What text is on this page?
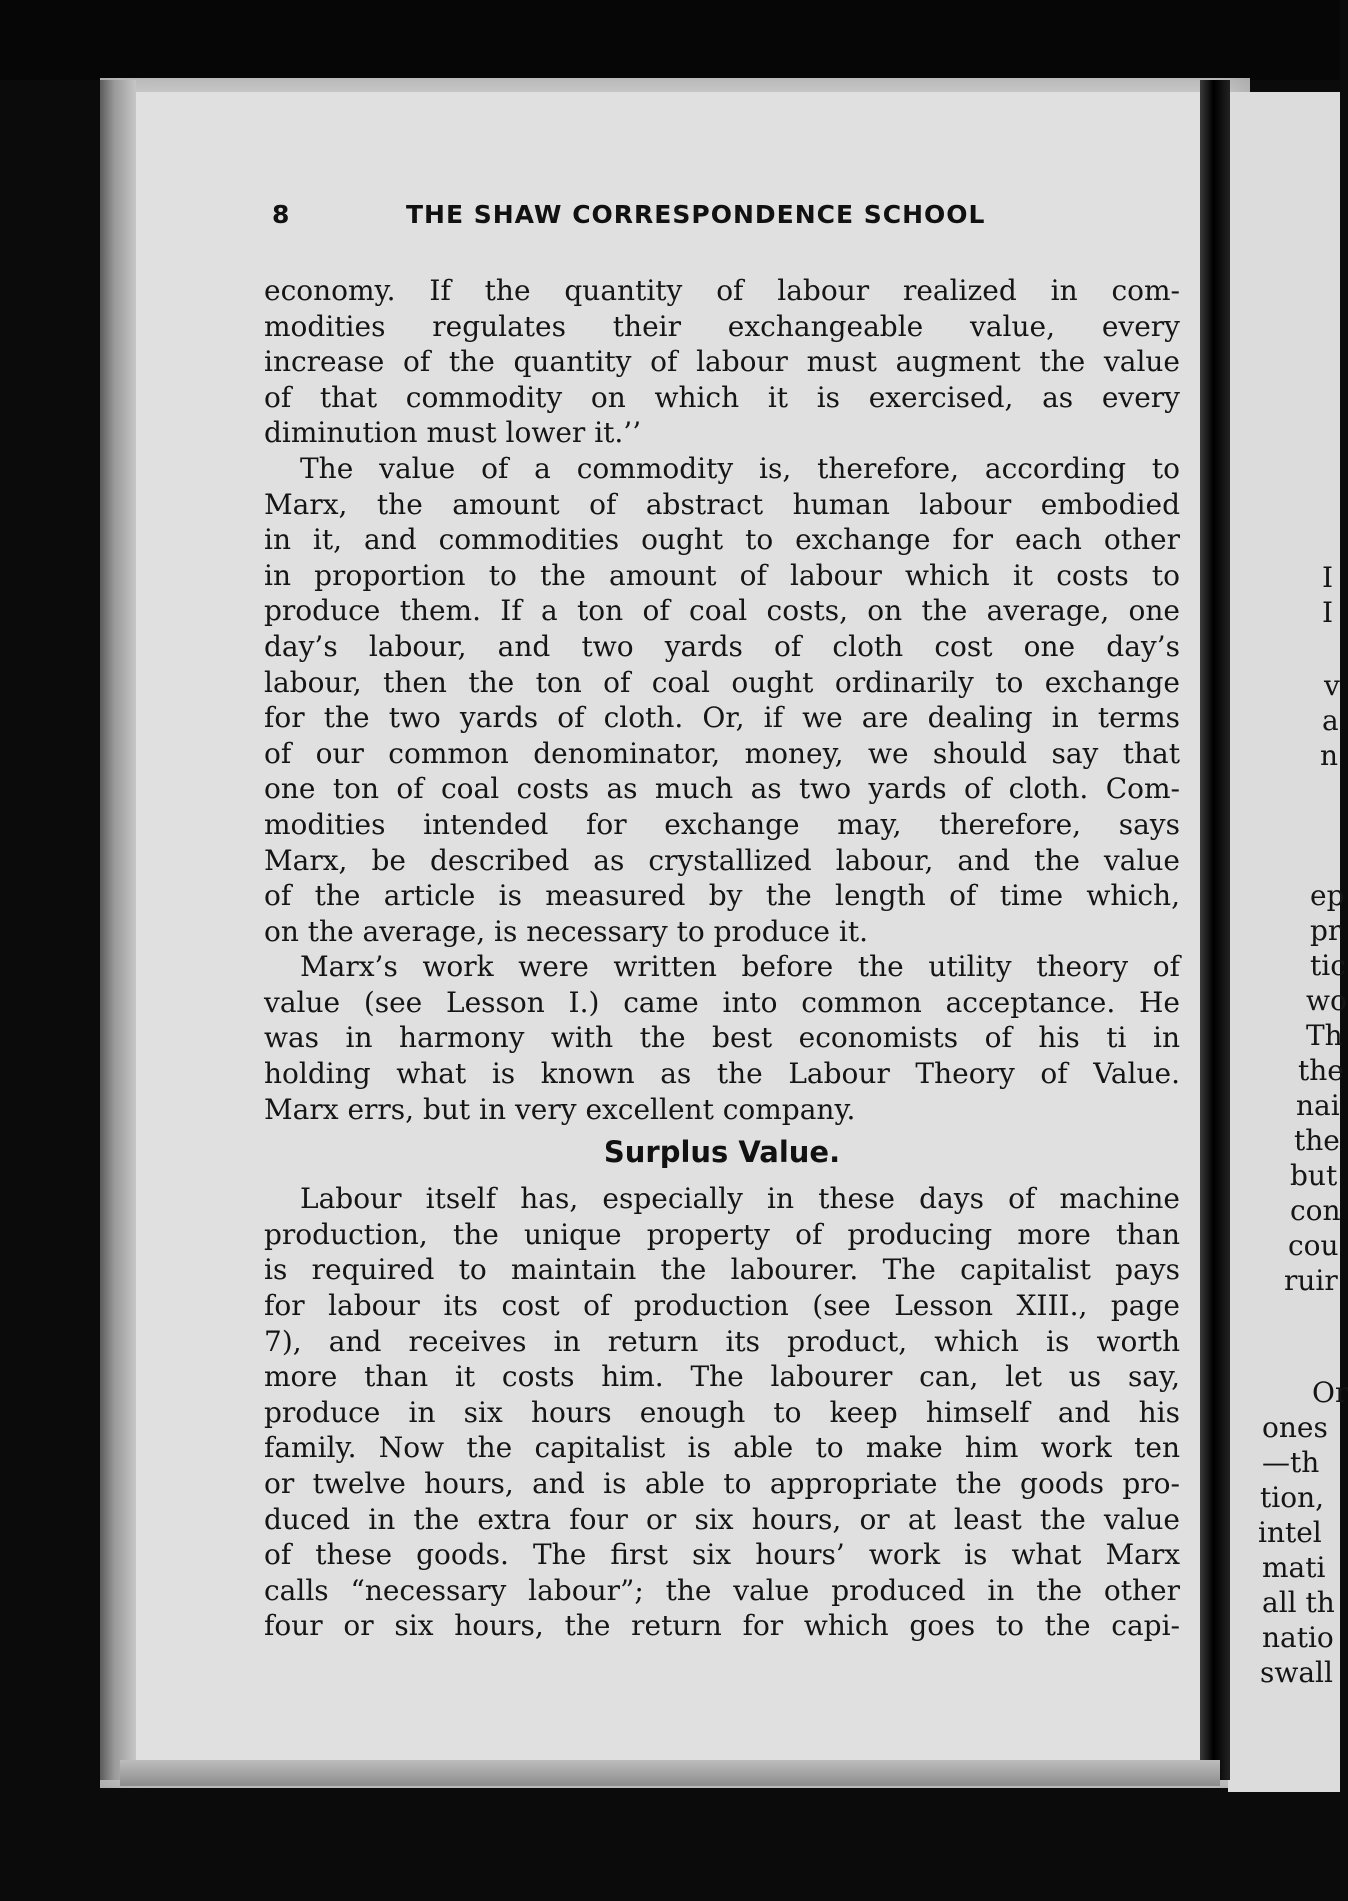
8	THE SHAW CORRESPONDENCE SCHOOL
economy. If the quantity of labour realized in com-
modities regulates their exchangeable value, every
increase of the quantity of labour must augment the value
of that commodity on which it is exercised, as every
diminution must lower it.’’
The value of a commodity is, therefore, according to
Marx, the amount of abstract human labour embodied
in it, and commodities ought to exchange for each other
in proportion to the amount of labour which it costs to
produce them. If a ton of coal costs, on the average, one
day’s labour, and two yards of cloth cost one day’s
labour, then the ton of coal ought ordinarily to exchange
for the two yards of cloth. Or, if we are dealing in terms
of our common denominator, money, we should say that
one ton of coal costs as much as two yards of cloth. Com-
modities intended for exchange may, therefore, says
Marx, be described as crystallized labour, and the value
of the article is measured by the length of time which,
on the average, is necessary to produce it.
Marx’s work were written before the utility theory of
value (see Lesson I.) came into common acceptance. He
was in harmony with the best economists of his ti in
holding what is known as the Labour Theory of Value.
Marx errs, but in very excellent company.
Surplus Value.
Labour itself has, especially in these days of machine
production, the unique property of producing more than
is required to maintain the labourer. The capitalist pays
for labour its cost of production (see Lesson XIII., page
7), and receives in return its product, which is worth
more than it costs him. The labourer can, let us say,
produce in six hours enough to keep himself and his
family. Now the capitalist is able to make him work ten
or twelve hours, and is able to appropriate the goods pro-
duced in the extra four or six hours, or at least the value
of these goods. The first six hours’ work is what Marx
calls “necessary labour”; the value produced in the other
four or six hours, the return for which goes to the capi-
I
I
v
a
n
ep
pr
tic
wo
Th
the
nai
the
but
con
cou
ruir
Or
ones
—th
tion,
intel
mati
all th
natio
swall
